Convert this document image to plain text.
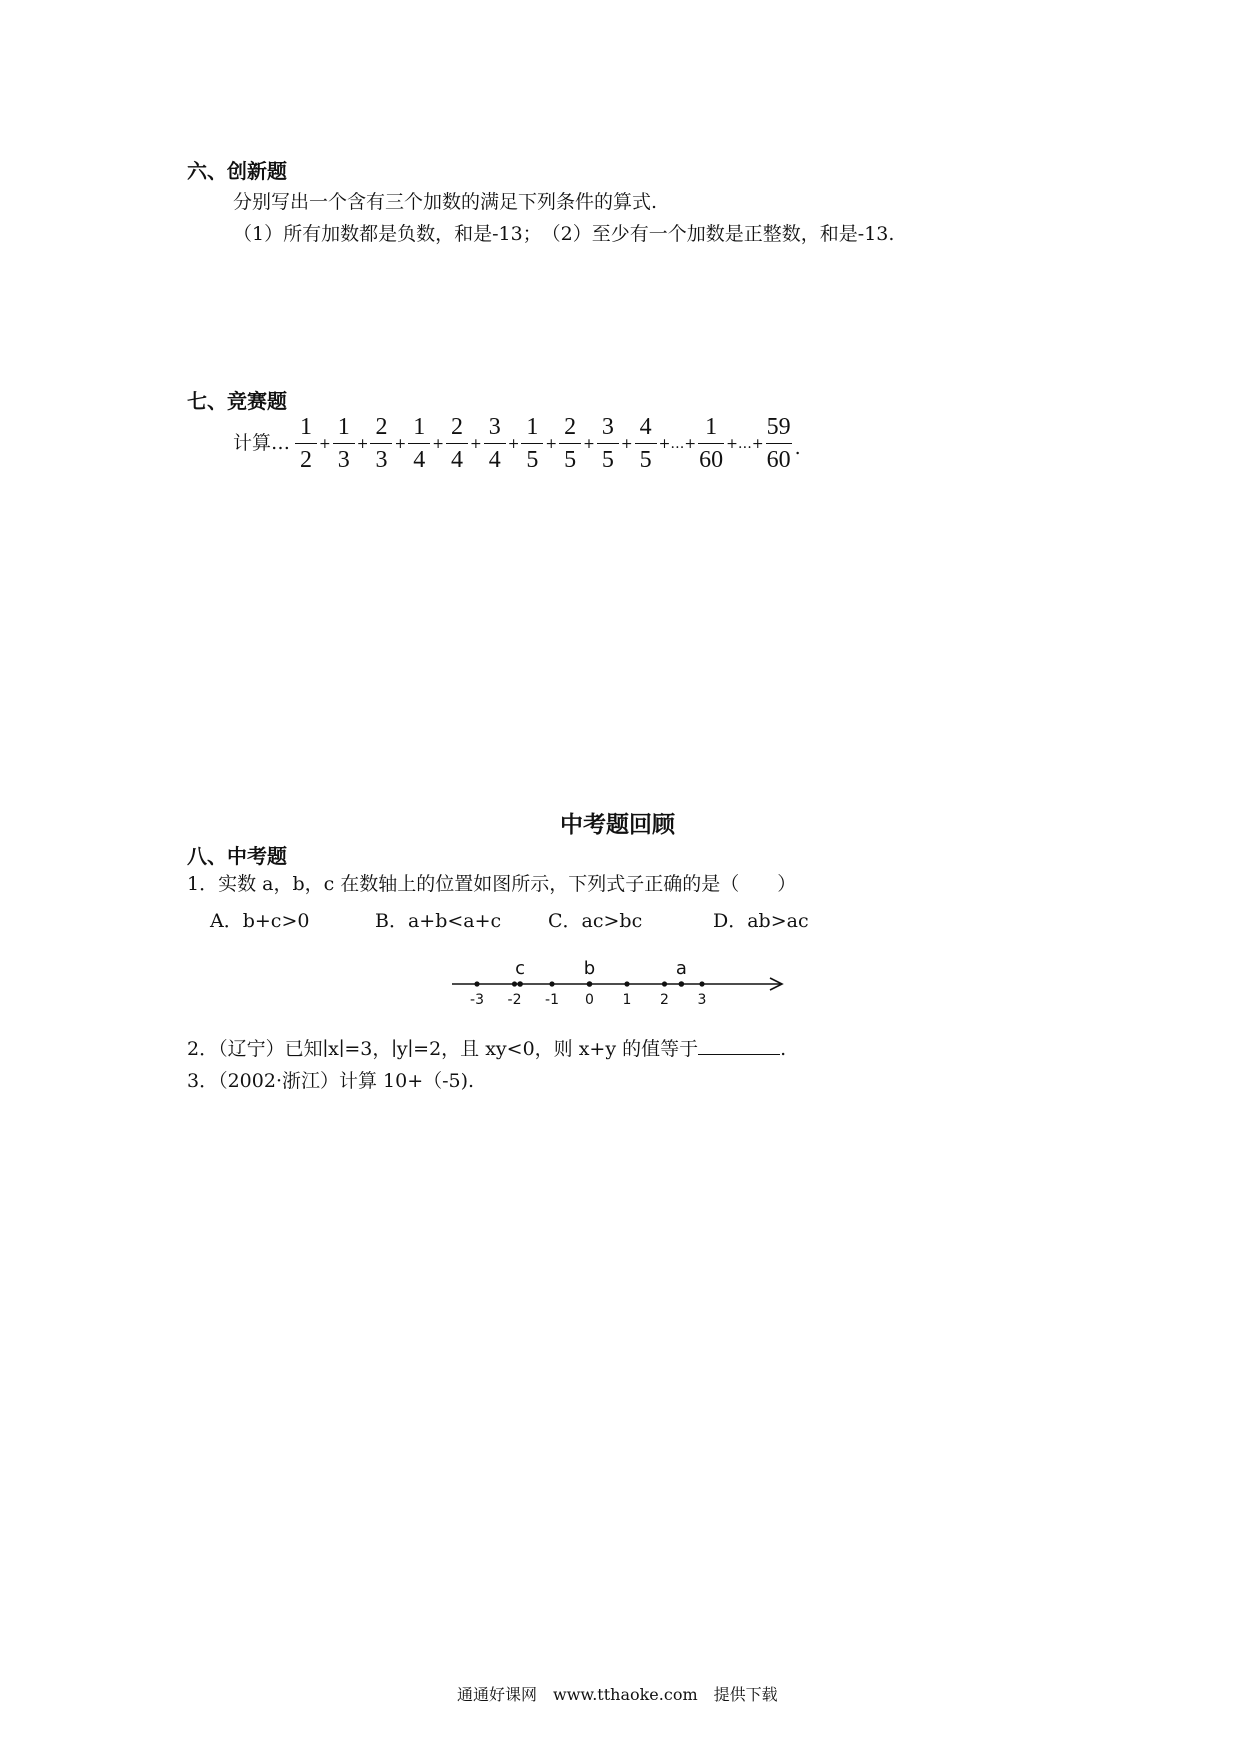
六、创新题
分别写出一个含有三个加数的满足下列条件的算式.
（1）所有加数都是负数，和是-13；　（2）至少有一个加数是正整数，和是-13.
七、竞赛题
计算… $\frac{1}{2} + \frac{1}{3} + \frac{2}{3} + \frac{1}{4} + \frac{2}{4} + \frac{3}{4} + \frac{1}{5} + \frac{2}{5} + \frac{3}{5} + \frac{4}{5}$ +…+ $\frac{1}{60}$ +…+ $\frac{59}{60}$ .
中考题回顾
八、中考题
1．实数 a，b，c 在数轴上的位置如图所示，下列式子正确的是（　　）
A．b+c>0	B．a+b<a+c C．ac>bc	D．ab>ac
-3 -2 -1 0 1 2 3
c	b	a
2．（辽宁）已知∣x∣=3，∣y∣=2，且 xy<0，则 x+y 的值等于	.
3．（2002·浙江）计算 10+（-5).
通通好课网　www.tthaoke.com　提供下载
